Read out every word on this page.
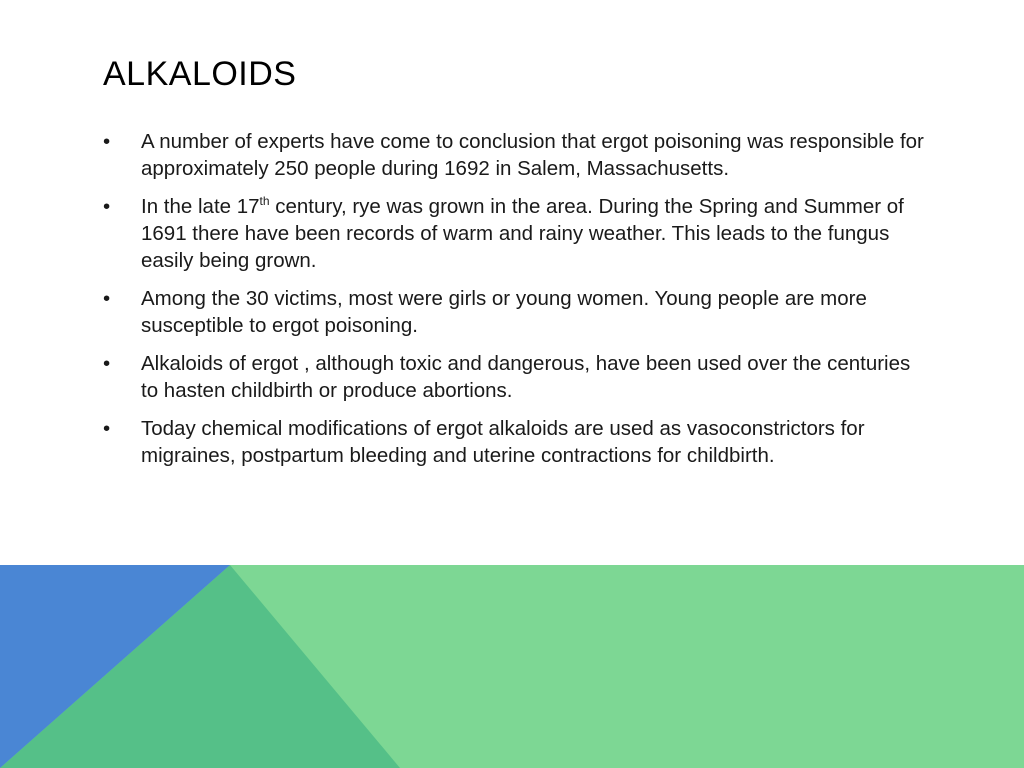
ALKALOIDS
•	A number of experts have come to conclusion that ergot poisoning was responsible for approximately 250 people during 1692 in Salem, Massachusetts.
•	In the late 17th century, rye was grown in the area. During the Spring and Summer of 1691 there have been records of warm and rainy weather. This leads to the fungus easily being grown.
•	Among the 30 victims, most were girls or young women. Young people are more susceptible to ergot poisoning.
•	Alkaloids of ergot , although toxic and dangerous, have been used over the centuries to hasten childbirth or produce abortions.
•	Today chemical modifications of ergot alkaloids are used as vasoconstrictors for migraines, postpartum bleeding and uterine contractions for childbirth.
